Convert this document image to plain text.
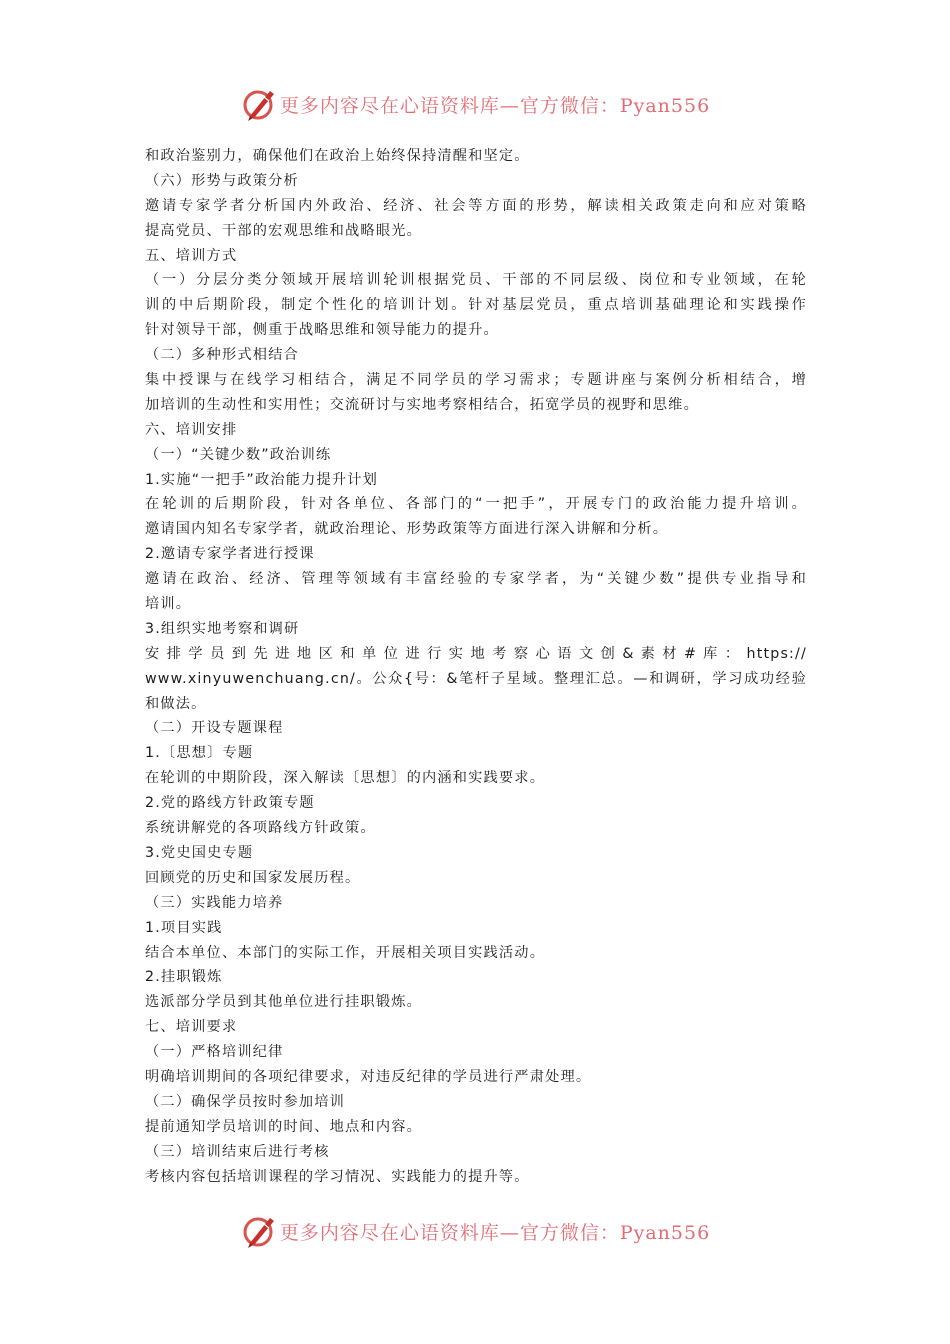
更多内容尽在心语资料库—官方微信：Pyan556
和政治鉴别力，确保他们在政治上始终保持清醒和坚定。
（六）形势与政策分析
邀请专家学者分析国内外政治、经济、社会等方面的形势，解读相关政策走向和应对策略
提高党员、干部的宏观思维和战略眼光。
五、培训方式
（一）分层分类分领域开展培训轮训根据党员、干部的不同层级、岗位和专业领域，在轮
训的中后期阶段，制定个性化的培训计划。针对基层党员，重点培训基础理论和实践操作
针对领导干部，侧重于战略思维和领导能力的提升。
（二）多种形式相结合
集中授课与在线学习相结合，满足不同学员的学习需求；专题讲座与案例分析相结合，增
加培训的生动性和实用性；交流研讨与实地考察相结合，拓宽学员的视野和思维。
六、培训安排
（一）“关键少数”政治训练
1.实施“一把手”政治能力提升计划
在轮训的后期阶段，针对各单位、各部门的“一把手”，开展专门的政治能力提升培训。
邀请国内知名专家学者，就政治理论、形势政策等方面进行深入讲解和分析。
2.邀请专家学者进行授课
邀请在政治、经济、管理等领域有丰富经验的专家学者，为“关键少数”提供专业指导和
培训。
3.组织实地考察和调研
安 排 学 员 到 先 进 地 区 和 单 位 进 行 实 地 考 察 心 语 文 创 & 素 材 # 库 ： https://
www.xinyuwenchuang.cn/。公众{号：&笔杆子星域。整理汇总。—和调研，学习成功经验
和做法。
（二）开设专题课程
1.〔思想〕专题
在轮训的中期阶段，深入解读〔思想〕的内涵和实践要求。
2.党的路线方针政策专题
系统讲解党的各项路线方针政策。
3.党史国史专题
回顾党的历史和国家发展历程。
（三）实践能力培养
1.项目实践
结合本单位、本部门的实际工作，开展相关项目实践活动。
2.挂职锻炼
选派部分学员到其他单位进行挂职锻炼。
七、培训要求
（一）严格培训纪律
明确培训期间的各项纪律要求，对违反纪律的学员进行严肃处理。
（二）确保学员按时参加培训
提前通知学员培训的时间、地点和内容。
（三）培训结束后进行考核
考核内容包括培训课程的学习情况、实践能力的提升等。
更多内容尽在心语资料库—官方微信：Pyan556
